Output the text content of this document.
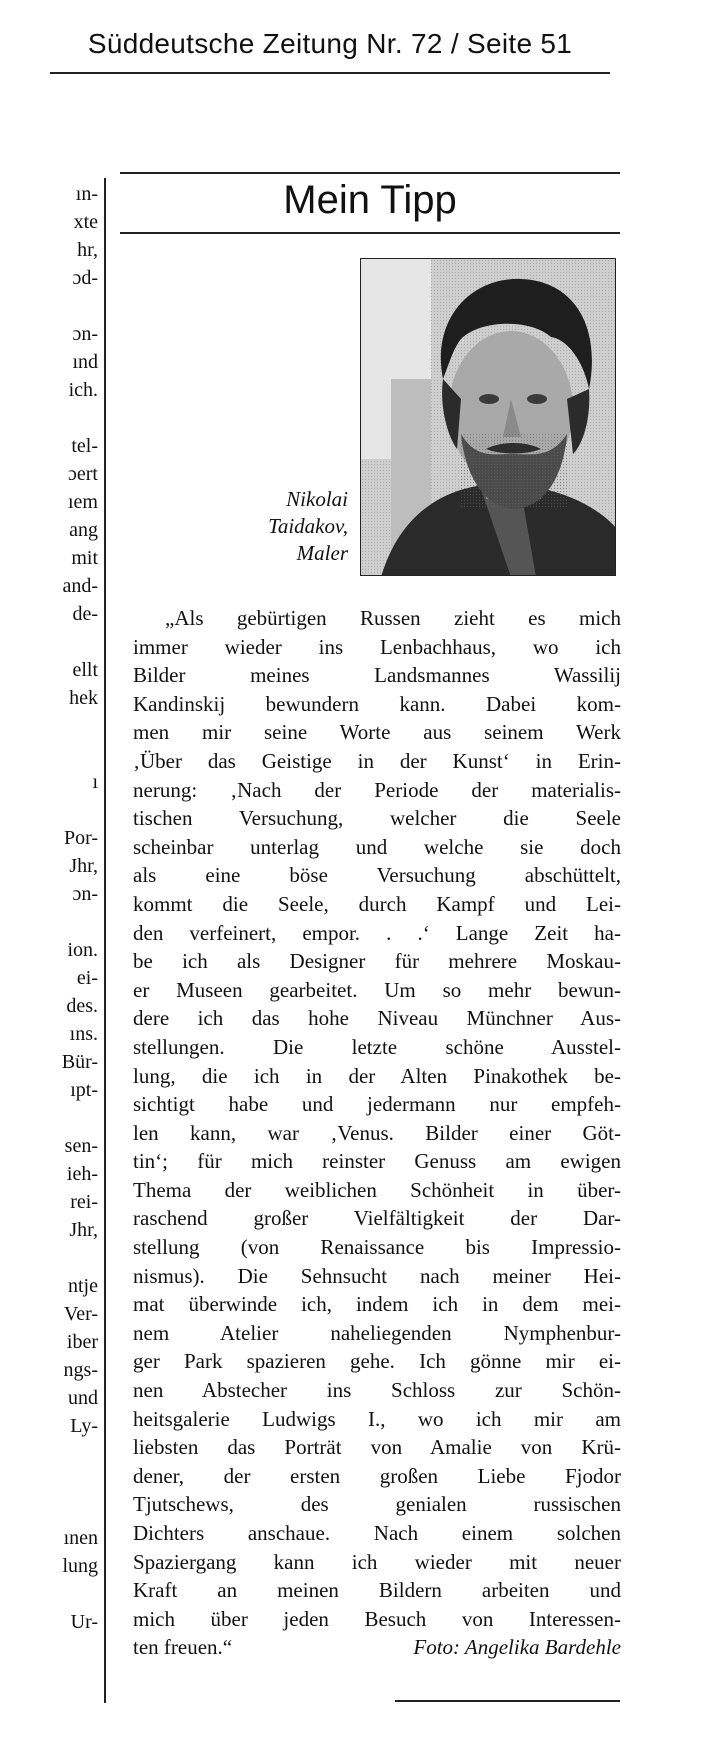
Süddeutsche Zeitung Nr. 72 / Seite 51
ın-
xte
hr,
ɔd-
ɔn-
ınd
ich.
tel-
ɔert
ıem
ang
mit
and-
de-
ellt
hek
ı
Por-
Jhr,
ɔn-
ion.
ei-
des.
ıns.
Bür-
ıpt-
sen-
ieh-
rei-
Jhr,
ntje
Ver-
iber
ngs-
und
Ly-
ınen
lung
Ur-
Mein Tipp
Nikolai
Taidakov,
Maler
„Als gebürtigen Russen zieht es mich
immer wieder ins Lenbachhaus, wo ich
Bilder meines Landsmannes Wassilij
Kandinskij bewundern kann. Dabei kom-
men mir seine Worte aus seinem Werk
‚Über das Geistige in der Kunst‘ in Erin-
nerung: ‚Nach der Periode der materialis-
tischen Versuchung, welcher die Seele
scheinbar unterlag und welche sie doch
als eine böse Versuchung abschüttelt,
kommt die Seele, durch Kampf und Lei-
den verfeinert, empor. . .‘ Lange Zeit ha-
be ich als Designer für mehrere Moskau-
er Museen gearbeitet. Um so mehr bewun-
dere ich das hohe Niveau Münchner Aus-
stellungen. Die letzte schöne Ausstel-
lung, die ich in der Alten Pinakothek be-
sichtigt habe und jedermann nur empfeh-
len kann, war ‚Venus. Bilder einer Göt-
tin‘; für mich reinster Genuss am ewigen
Thema der weiblichen Schönheit in über-
raschend großer Vielfältigkeit der Dar-
stellung (von Renaissance bis Impressio-
nismus). Die Sehnsucht nach meiner Hei-
mat überwinde ich, indem ich in dem mei-
nem Atelier naheliegenden Nymphenbur-
ger Park spazieren gehe. Ich gönne mir ei-
nen Abstecher ins Schloss zur Schön-
heitsgalerie Ludwigs I., wo ich mir am
liebsten das Porträt von Amalie von Krü-
dener, der ersten großen Liebe Fjodor
Tjutschews, des genialen russischen
Dichters anschaue. Nach einem solchen
Spaziergang kann ich wieder mit neuer
Kraft an meinen Bildern arbeiten und
mich über jeden Besuch von Interessen-
ten freuen.“	Foto: Angelika Bardehle
